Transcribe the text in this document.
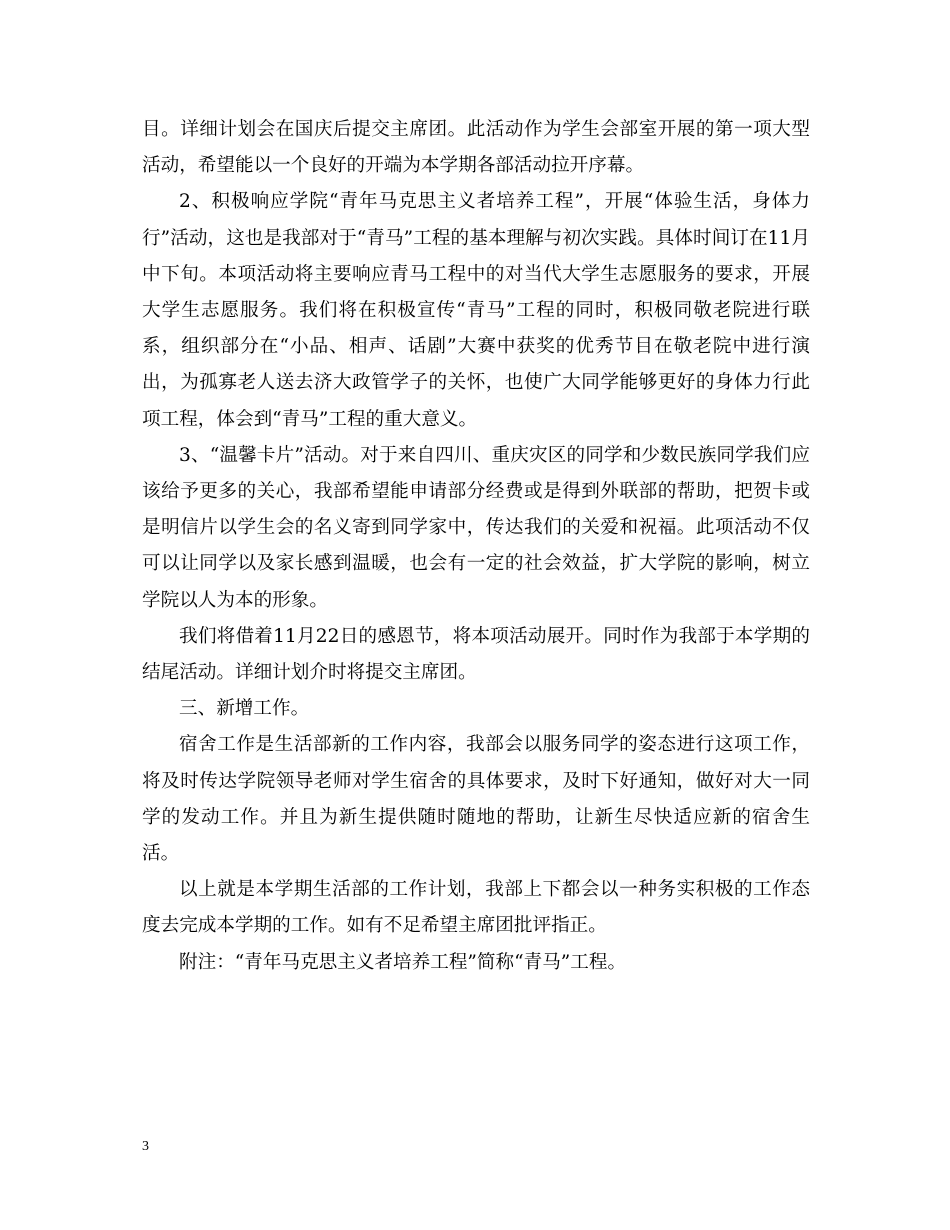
目。详细计划会在国庆后提交主席团。此活动作为学生会部室开展的第一项大型活动，希望能以一个良好的开端为本学期各部活动拉开序幕。

2、积极响应学院“青年马克思主义者培养工程”，开展“体验生活，身体力行”活动，这也是我部对于“青马”工程的基本理解与初次实践。具体时间订在11月中下旬。本项活动将主要响应青马工程中的对当代大学生志愿服务的要求，开展大学生志愿服务。我们将在积极宣传“青马”工程的同时，积极同敬老院进行联系，组织部分在“小品、相声、话剧”大赛中获奖的优秀节目在敬老院中进行演出，为孤寡老人送去济大政管学子的关怀，也使广大同学能够更好的身体力行此项工程，体会到“青马”工程的重大意义。

3、“温馨卡片”活动。对于来自四川、重庆灾区的同学和少数民族同学我们应该给予更多的关心，我部希望能申请部分经费或是得到外联部的帮助，把贺卡或是明信片以学生会的名义寄到同学家中，传达我们的关爱和祝福。此项活动不仅可以让同学以及家长感到温暖，也会有一定的社会效益，扩大学院的影响，树立学院以人为本的形象。

我们将借着11月22日的感恩节，将本项活动展开。同时作为我部于本学期的结尾活动。详细计划介时将提交主席团。

三、新增工作。

宿舍工作是生活部新的工作内容，我部会以服务同学的姿态进行这项工作，将及时传达学院领导老师对学生宿舍的具体要求，及时下好通知，做好对大一同学的发动工作。并且为新生提供随时随地的帮助，让新生尽快适应新的宿舍生活。

以上就是本学期生活部的工作计划，我部上下都会以一种务实积极的工作态度去完成本学期的工作。如有不足希望主席团批评指正。

附注：“青年马克思主义者培养工程”简称“青马”工程。

3
